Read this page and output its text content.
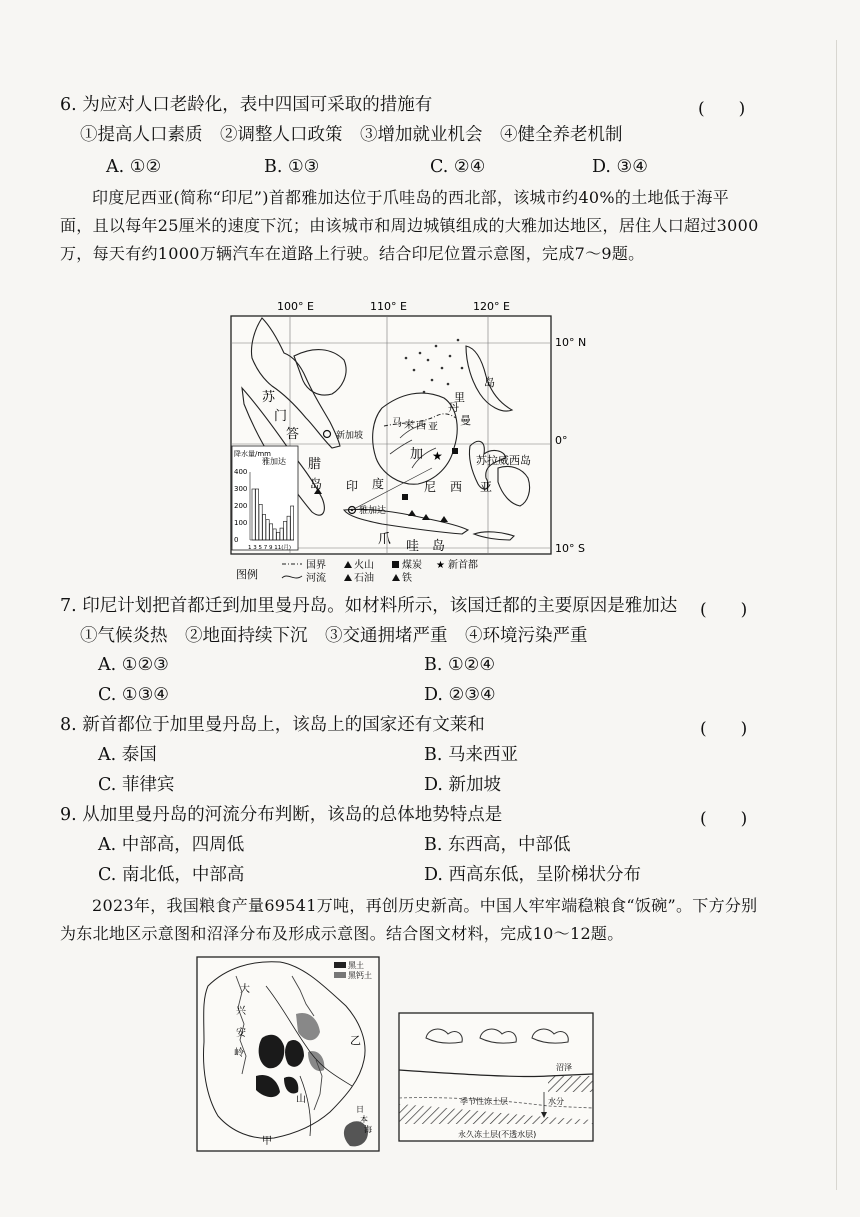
6. 为应对人口老龄化，表中四国可采取的措施有	(　　)
①提高人口素质　②调整人口政策　③增加就业机会　④健全养老机制
A. ①②	B. ①③	C. ②④	D. ③④
印度尼西亚(简称“印尼”)首都雅加达位于爪哇岛的西北部，该城市约40%的土地低于海平面，且以每年25厘米的速度下沉；由该城市和周边城镇组成的大雅加达地区，居住人口超过3000万，每天有约1000万辆汽车在道路上行驶。结合印尼位置示意图，完成7～9题。
100° E	110° E	120° E
10° N
0°
10° S
★
新加坡
雅加达
苏
门
答
腊
岛
加
里
曼
丹
岛
马 来 西 亚
印 度	尼 西 亚
爪 哇 岛
苏拉威西岛
降水量/mm
雅加达
400
300
200
100
0
1 3 5 7 9 11(月)
图例
国界
河流
火山
石油
煤炭
铁
★ 新首都
7. 印尼计划把首都迁到加里曼丹岛。如材料所示，该国迁都的主要原因是雅加达 (　　)
①气候炎热　②地面持续下沉　③交通拥堵严重　④环境污染严重
A. ①②③	B. ①②④
C. ①③④	D. ②③④
8. 新首都位于加里曼丹岛上，该岛上的国家还有文莱和	(　　)
A. 泰国	B. 马来西亚
C. 菲律宾	D. 新加坡
9. 从加里曼丹岛的河流分布判断，该岛的总体地势特点是	(　　)
A. 中部高，四周低	B. 东西高，中部低
C. 南北低，中部高	D. 西高东低，呈阶梯状分布
2023年，我国粮食产量69541万吨，再创历史新高。中国人牢牢端稳粮食“饭碗”。下方分别为东北地区示意图和沼泽分布及形成示意图。结合图文材料，完成10～12题。
黑土
黑钙土
乙
甲
大
兴
安
岭
山
日
本
海
沼泽
季节性冻土层	水分
永久冻土层(不透水层)
